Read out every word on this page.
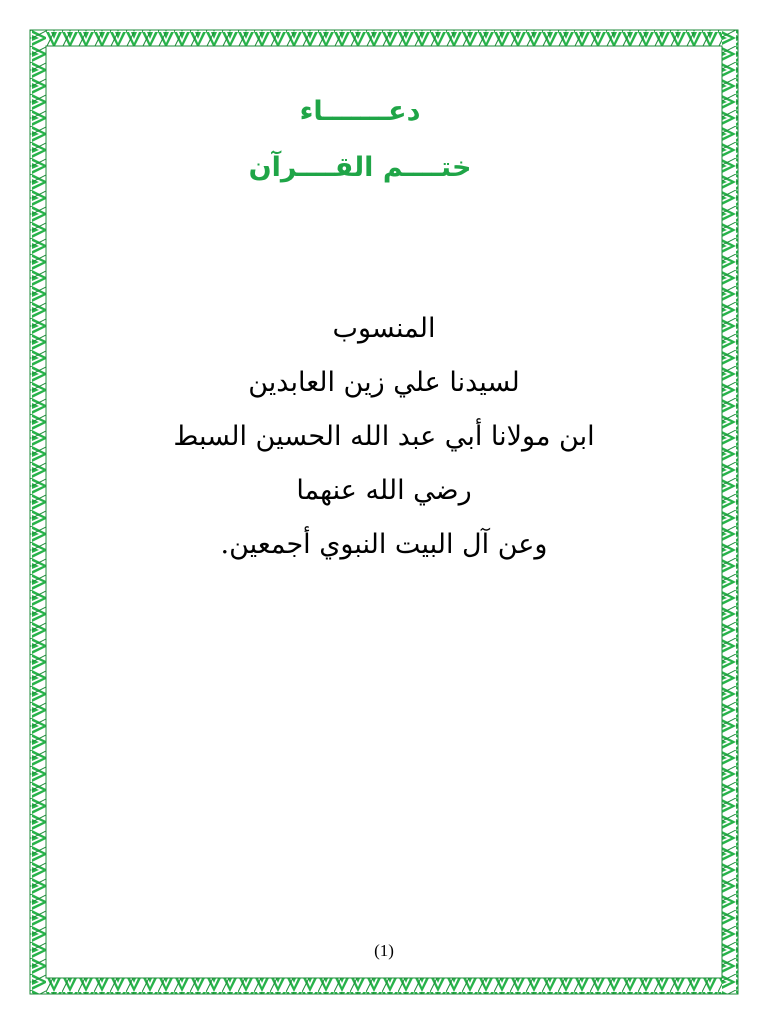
دعـــــــاء
ختــــم القــــرآن
المنسوب
لسيدنا علي زين العابدين
ابن مولانا أبي عبد الله الحسين السبط
رضي الله عنهما
وعن آل البيت النبوي أجمعين.
(1)
